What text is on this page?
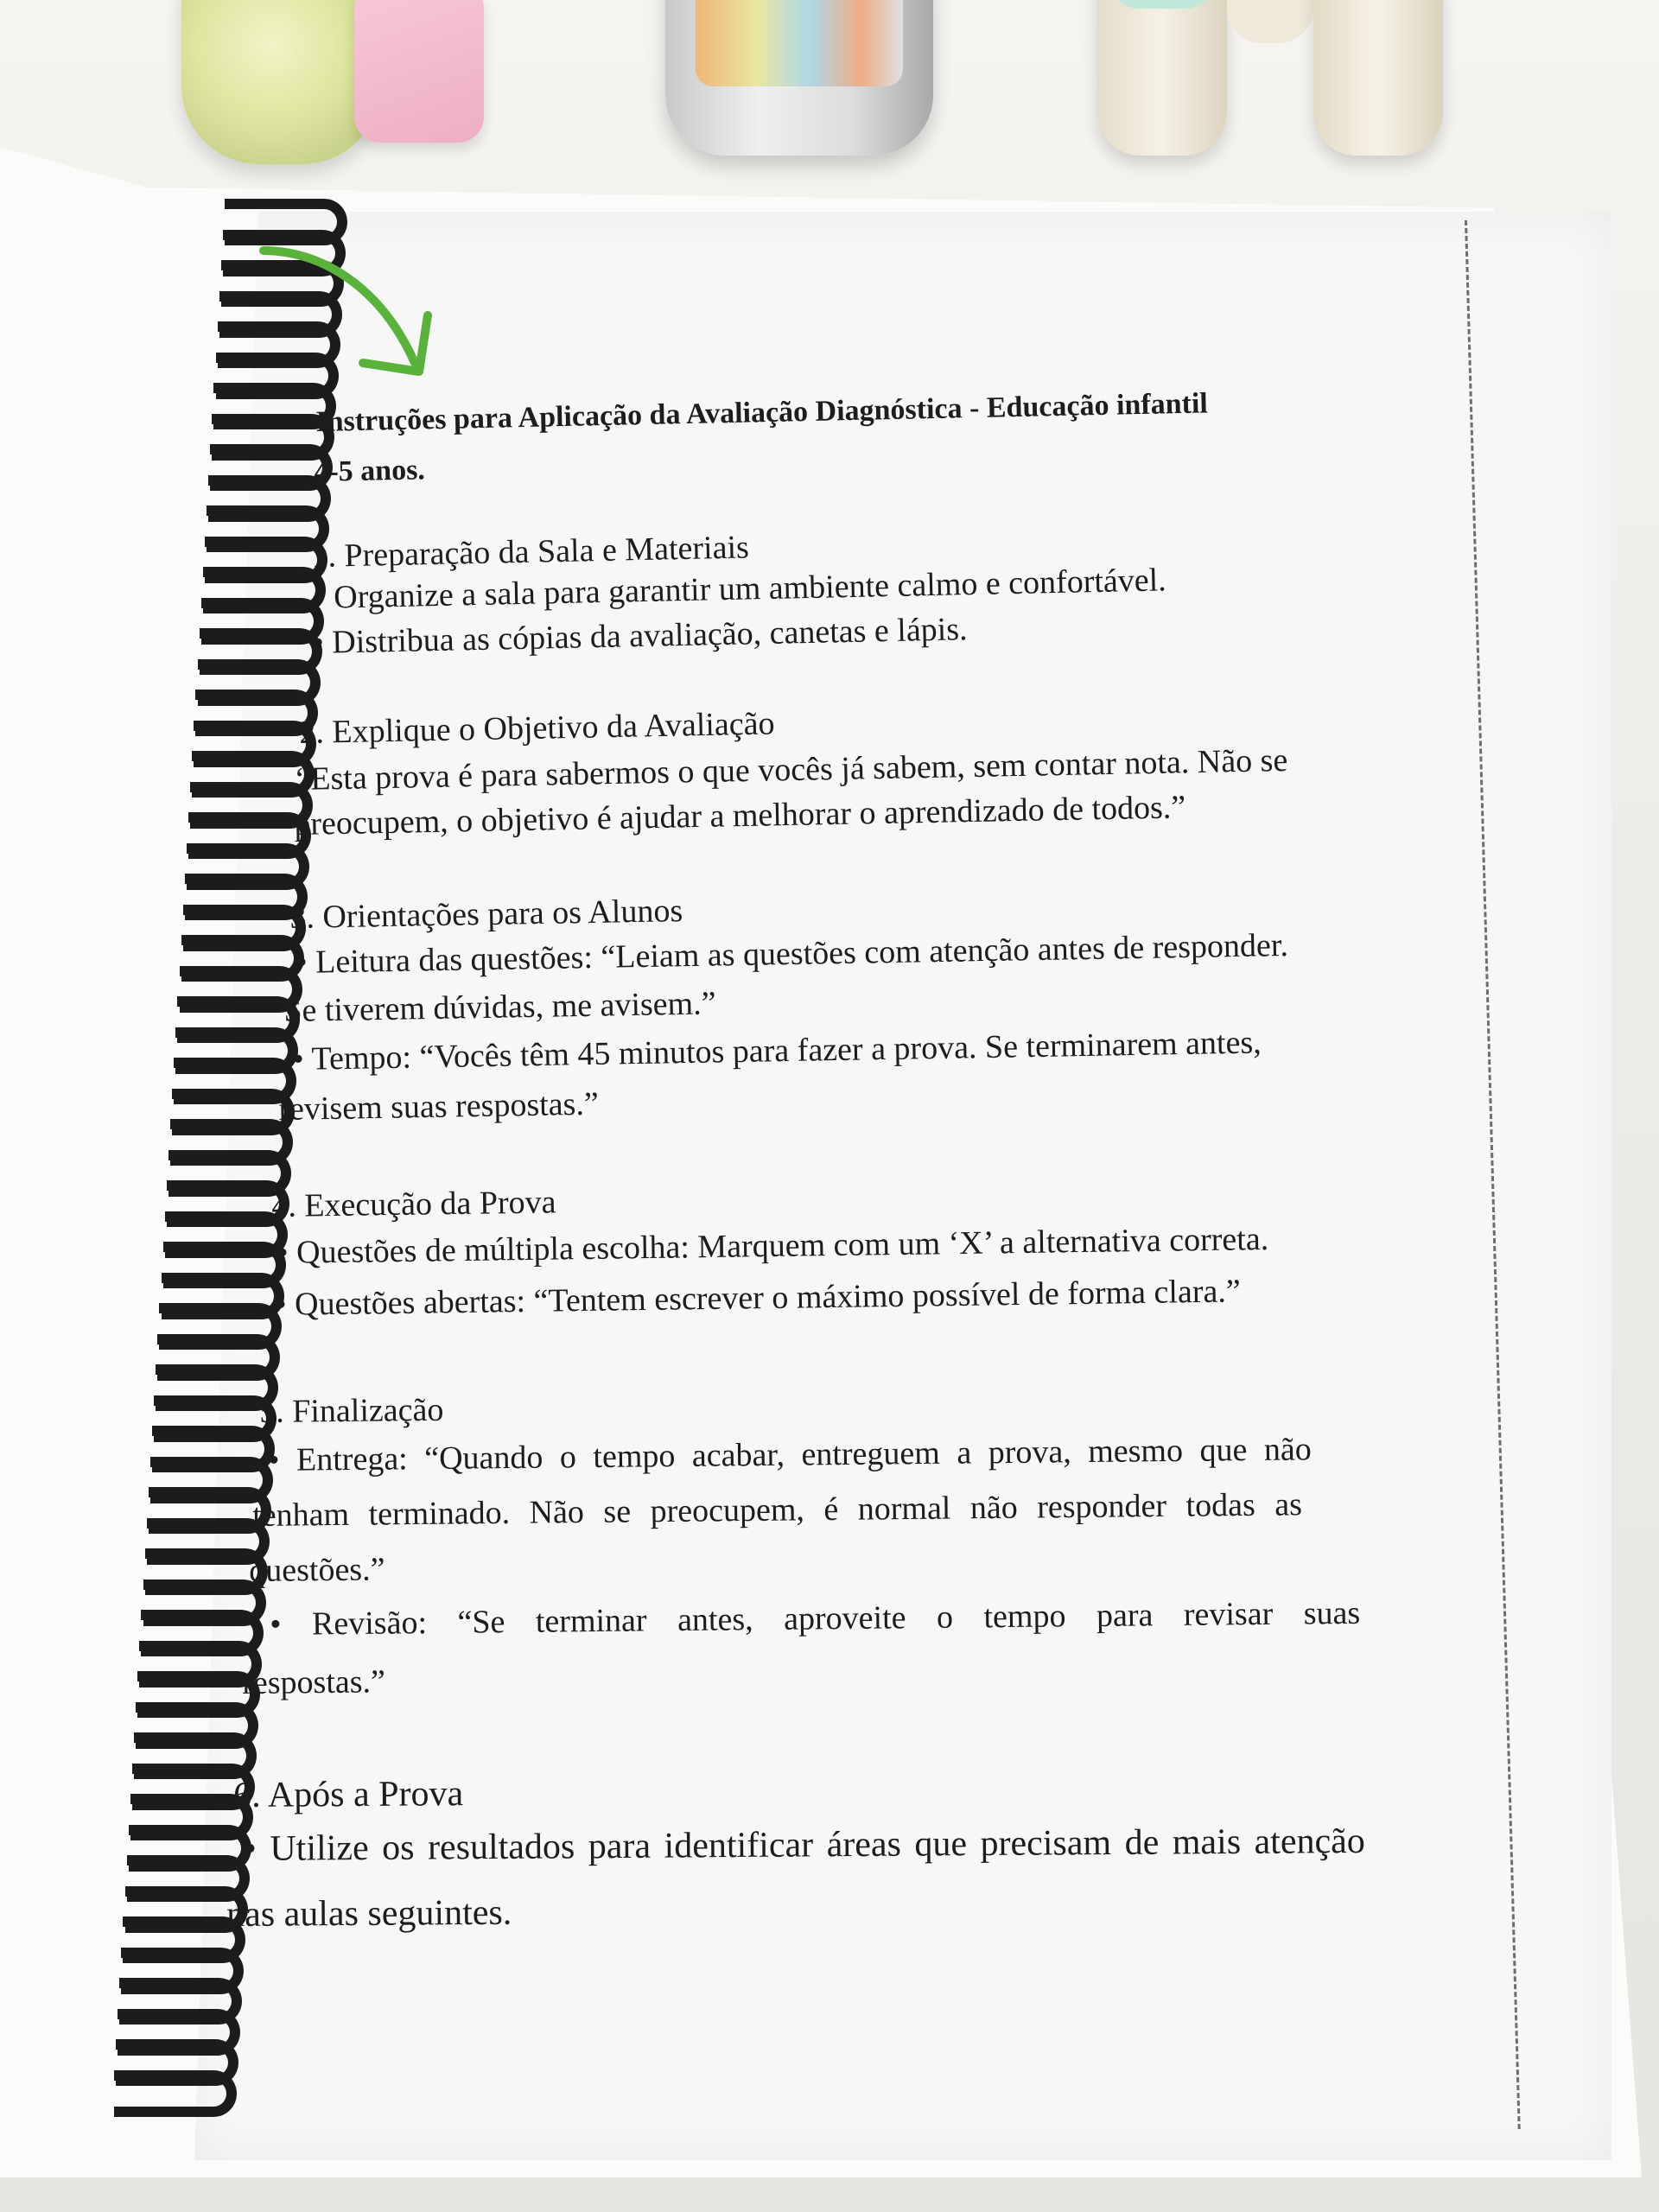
Instruções para Aplicação da Avaliação Diagnóstica - Educação infantil
4-5 anos.
1. Preparação da Sala e Materiais
• Organize a sala para garantir um ambiente calmo e confortável.
• Distribua as cópias da avaliação, canetas e lápis.
2. Explique o Objetivo da Avaliação
“Esta prova é para sabermos o que vocês já sabem, sem contar nota. Não se
preocupem, o objetivo é ajudar a melhorar o aprendizado de todos.”
3. Orientações para os Alunos
• Leitura das questões: “Leiam as questões com atenção antes de responder.
Se tiverem dúvidas, me avisem.”
• Tempo: “Vocês têm 45 minutos para fazer a prova. Se terminarem antes,
revisem suas respostas.”
4. Execução da Prova
• Questões de múltipla escolha: Marquem com um ‘X’ a alternativa correta.
• Questões abertas: “Tentem escrever o máximo possível de forma clara.”
5. Finalização
• Entrega: “Quando o tempo acabar, entreguem a prova, mesmo que não
tenham terminado. Não se preocupem, é normal não responder todas as
questões.”
• Revisão: “Se terminar antes, aproveite o tempo para revisar suas
respostas.”
6. Após a Prova
• Utilize os resultados para identificar áreas que precisam de mais atenção
nas aulas seguintes.
